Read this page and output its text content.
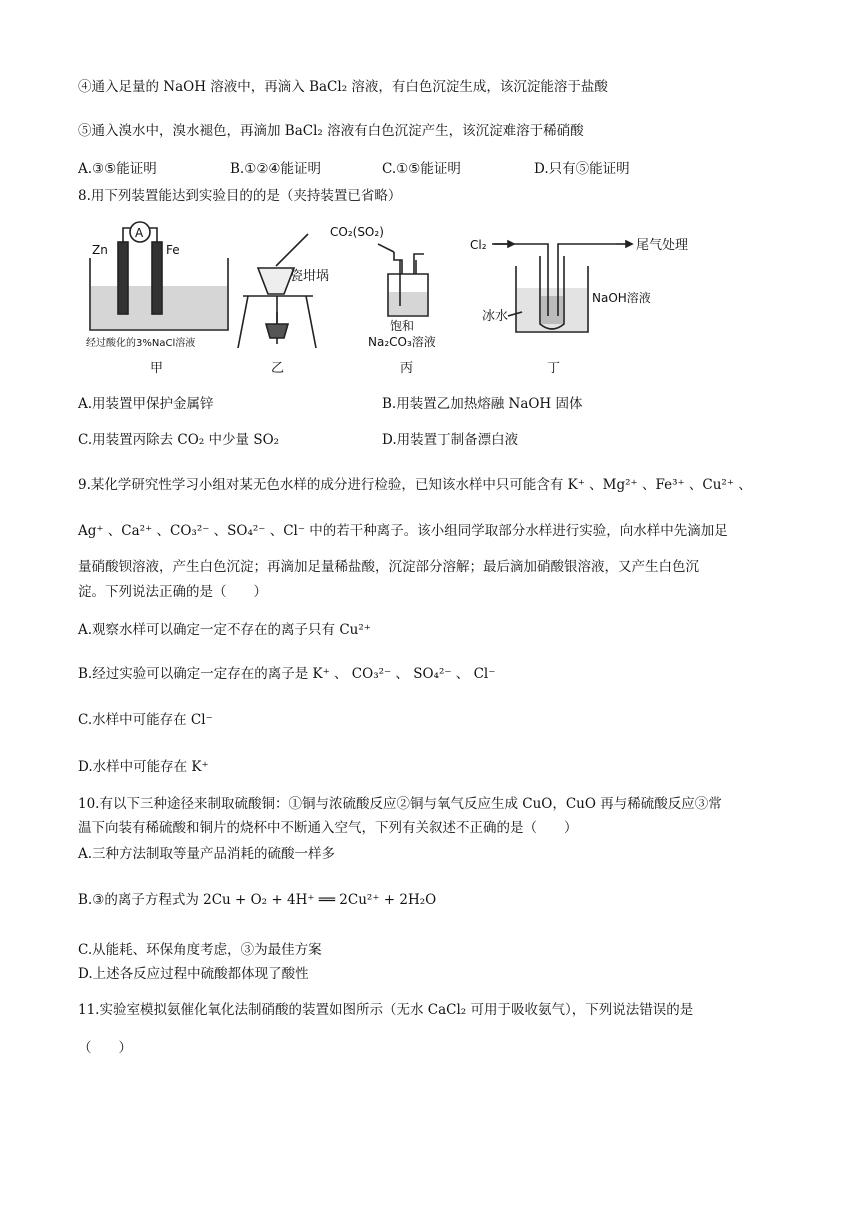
④通入足量的 NaOH 溶液中，再滴入 BaCl₂ 溶液，有白色沉淀生成，该沉淀能溶于盐酸
⑤通入溴水中，溴水褪色，再滴加 BaCl₂ 溶液有白色沉淀产生，该沉淀难溶于稀硝酸
A.③⑤能证明	B.①②④能证明	C.①⑤能证明	D.只有⑤能证明
8.用下列装置能达到实验目的的是（夹持装置已省略）
A
Zn	Fe
经过酸化的3%NaCl溶液
甲
瓷坩埚
乙
CO₂(SO₂)
饱和
Na₂CO₃溶液
丙
Cl₂	尾气处理
NaOH溶液
冰水
丁
A.用装置甲保护金属锌	B.用装置乙加热熔融 NaOH 固体
C.用装置丙除去 CO₂ 中少量 SO₂	D.用装置丁制备漂白液
9.某化学研究性学习小组对某无色水样的成分进行检验，已知该水样中只可能含有 K⁺ 、Mg²⁺ 、Fe³⁺ 、Cu²⁺ 、
Ag⁺ 、Ca²⁺ 、CO₃²⁻ 、SO₄²⁻ 、Cl⁻ 中的若干种离子。该小组同学取部分水样进行实验，向水样中先滴加足
量硝酸钡溶液，产生白色沉淀；再滴加足量稀盐酸，沉淀部分溶解；最后滴加硝酸银溶液，又产生白色沉
淀。下列说法正确的是（　　）
A.观察水样可以确定一定不存在的离子只有 Cu²⁺
B.经过实验可以确定一定存在的离子是 K⁺ 、 CO₃²⁻ 、 SO₄²⁻ 、 Cl⁻
C.水样中可能存在 Cl⁻
D.水样中可能存在 K⁺
10.有以下三种途径来制取硫酸铜：①铜与浓硫酸反应②铜与氧气反应生成 CuO，CuO 再与稀硫酸反应③常
温下向装有稀硫酸和铜片的烧杯中不断通入空气，下列有关叙述不正确的是（　　）
A.三种方法制取等量产品消耗的硫酸一样多
B.③的离子方程式为 2Cu + O₂ + 4H⁺ ══ 2Cu²⁺ + 2H₂O
C.从能耗、环保角度考虑，③为最佳方案
D.上述各反应过程中硫酸都体现了酸性
11.实验室模拟氨催化氧化法制硝酸的装置如图所示（无水 CaCl₂ 可用于吸收氨气），下列说法错误的是
（　　）
